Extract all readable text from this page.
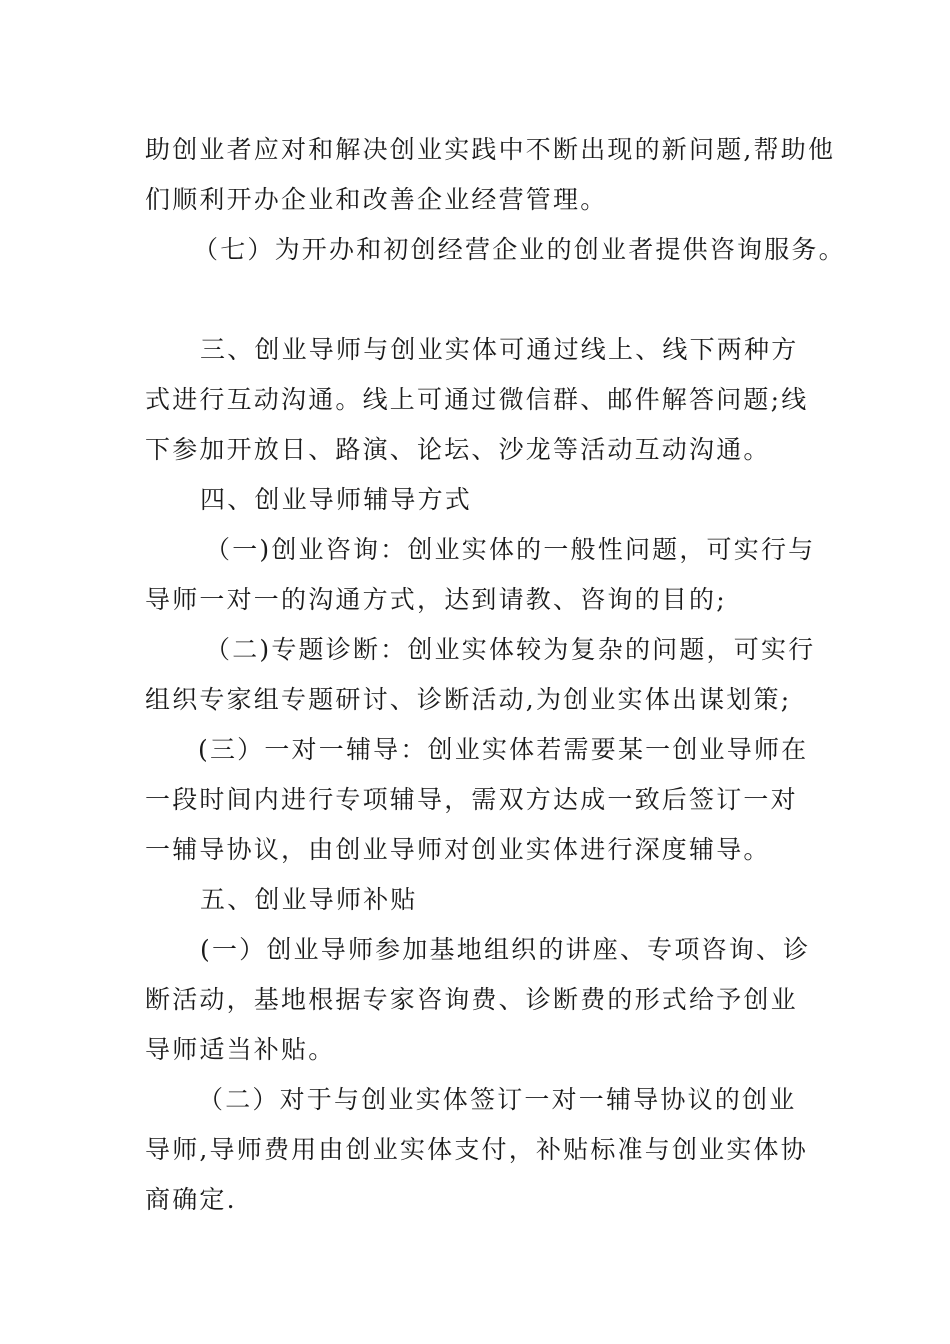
助创业者应对和解决创业实践中不断出现的新问题,帮助他
们顺利开办企业和改善企业经营管理。
（七）为开办和初创经营企业的创业者提供咨询服务。
三、创业导师与创业实体可通过线上、线下两种方
式进行互动沟通。线上可通过微信群、邮件解答问题;线
下参加开放日、路演、论坛、沙龙等活动互动沟通。
四、创业导师辅导方式
（一)创业咨询：创业实体的一般性问题，可实行与
导师一对一的沟通方式，达到请教、咨询的目的;
（二)专题诊断：创业实体较为复杂的问题，可实行
组织专家组专题研讨、诊断活动,为创业实体出谋划策;
(三）一对一辅导：创业实体若需要某一创业导师在
一段时间内进行专项辅导，需双方达成一致后签订一对
一辅导协议，由创业导师对创业实体进行深度辅导。
五、创业导师补贴
(一）创业导师参加基地组织的讲座、专项咨询、诊
断活动，基地根据专家咨询费、诊断费的形式给予创业
导师适当补贴。
（二）对于与创业实体签订一对一辅导协议的创业
导师,导师费用由创业实体支付，补贴标准与创业实体协
商确定.
